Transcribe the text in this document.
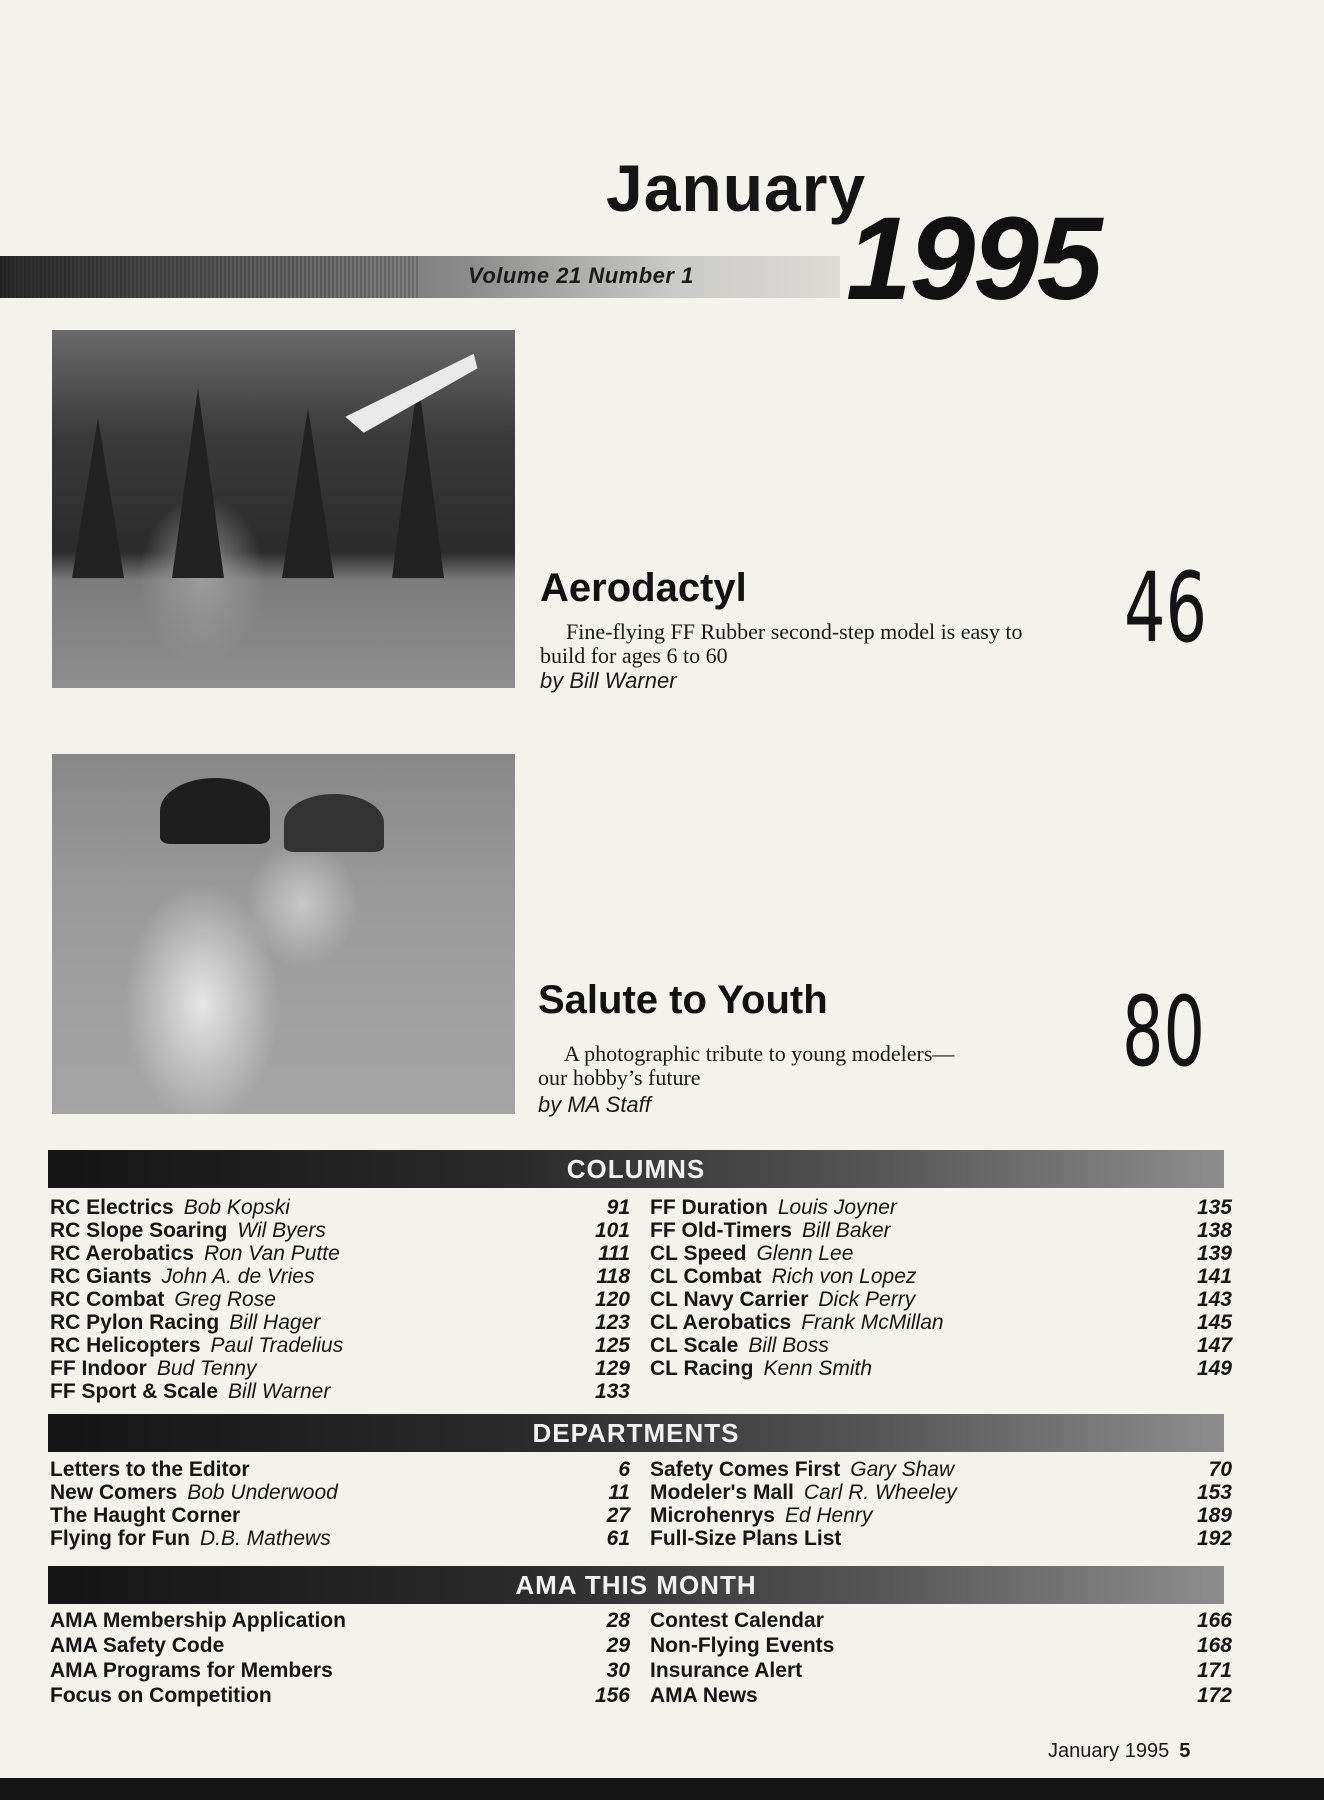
January
Volume 21 Number 1 1995
Aerodactyl
Fine-flying FF Rubber second-step model is easy to build for ages 6 to 60
by Bill Warner
46
Salute to Youth
A photographic tribute to young modelers—our hobby’s future
by MA Staff
80
COLUMNS
RC Electrics Bob Kopski	91
RC Slope Soaring Wil Byers	101
RC Aerobatics Ron Van Putte	111
RC Giants John A. de Vries	118
RC Combat Greg Rose	120
RC Pylon Racing Bill Hager	123
RC Helicopters Paul Tradelius	125
FF Indoor Bud Tenny	129
FF Sport & Scale Bill Warner	133
FF Duration Louis Joyner	135
FF Old-Timers Bill Baker	138
CL Speed Glenn Lee	139
CL Combat Rich von Lopez	141
CL Navy Carrier Dick Perry	143
CL Aerobatics Frank McMillan	145
CL Scale Bill Boss	147
CL Racing Kenn Smith	149
DEPARTMENTS
Letters to the Editor	6
New Comers Bob Underwood	11
The Haught Corner	27
Flying for Fun D.B. Mathews	61
Safety Comes First Gary Shaw	70
Modeler's Mall Carl R. Wheeley	153
Microhenrys Ed Henry	189
Full-Size Plans List	192
AMA THIS MONTH
AMA Membership Application	28
AMA Safety Code	29
AMA Programs for Members	30
Focus on Competition	156
Contest Calendar	166
Non-Flying Events	168
Insurance Alert	171
AMA News	172
January 1995 5
